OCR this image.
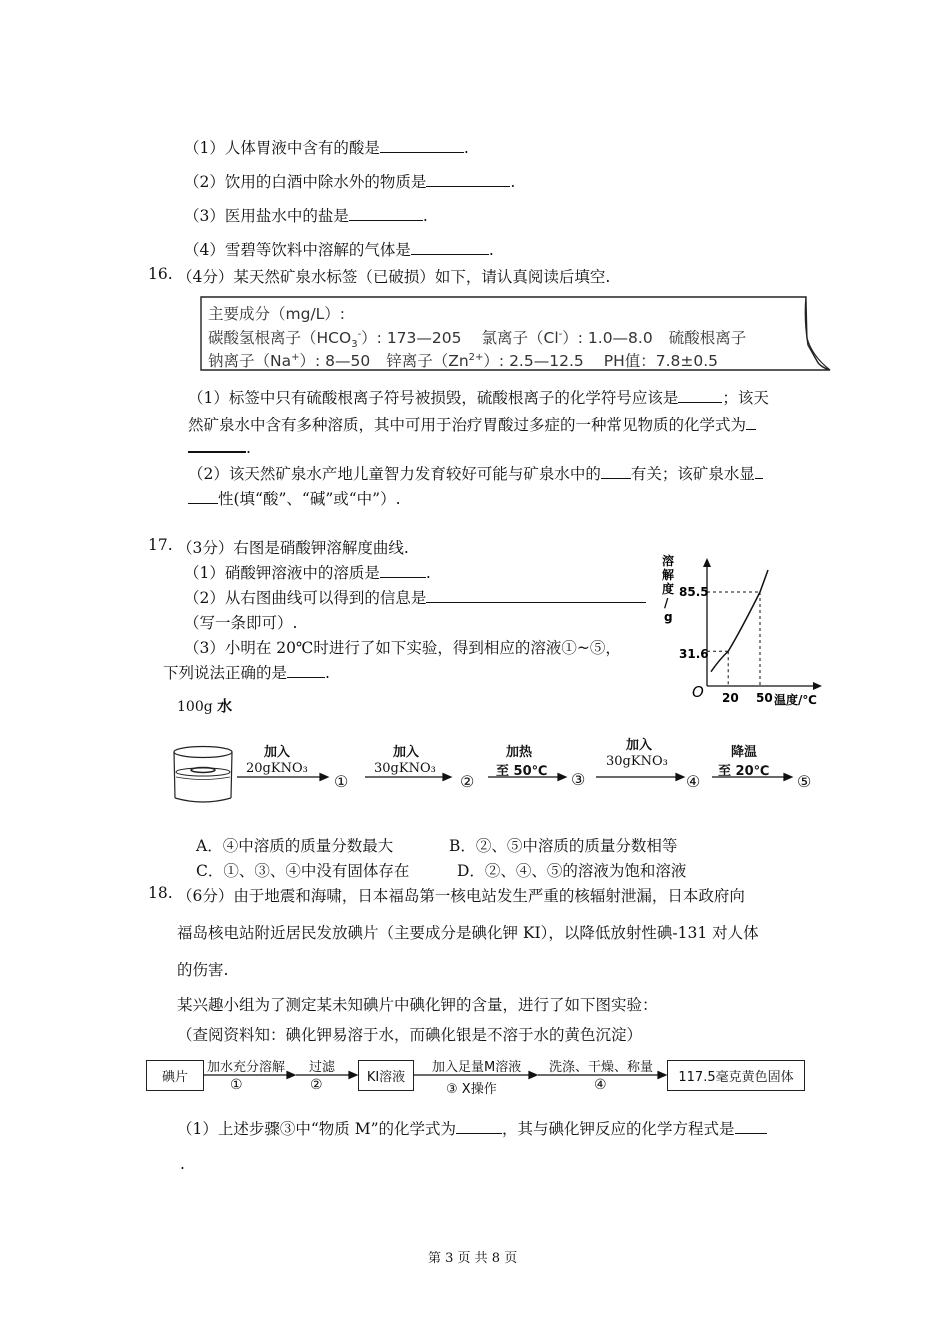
（1）人体胃液中含有的酸是	.
（2）饮用的白酒中除水外的物质是	.
（3）医用盐水中的盐是	.
（4）雪碧等饮料中溶解的气体是	.
16. （4分）某天然矿泉水标签（已破损）如下，请认真阅读后填空.
主要成分（mg/L）:
碳酸氢根离子$(HCO_3^-)$: 173—205 氯离子（Cl-）: 1.0—8.0 硫酸根离子
钠离子（Na+）: 8—50 锌离子$(Zn^{2+})$: 2.5—12.5 PH值：7.8±0.5
（1）标签中只有硫酸根离子符号被损毁，硫酸根离子的化学符号应该是	；该天
然矿泉水中含有多种溶质，其中可用于治疗胃酸过多症的一种常见物质的化学式为
.
（2）该天然矿泉水产地儿童智力发育较好可能与矿泉水中的 有关；该矿泉水显
性(填“酸”、“碱”或“中”）.
17. （3分）右图是硝酸钾溶解度曲线.
（1）硝酸钾溶液中的溶质是	.
（2）从右图曲线可以得到的信息是
（写一条即可）.
（3）小明在 20℃时进行了如下实验，得到相应的溶液①~⑤，
下列说法正确的是 .
溶解度/ g
O	温度/℃
85.5
31.6
20 50
100g 水
加入
20gKNO₃
①
加入
30gKNO₃
②
加热
至 50℃ ③
加入
30gKNO₃
④
降温
至 20℃
⑤
A．④中溶质的质量分数最大	B．②、⑤中溶质的质量分数相等
C．①、③、④中没有固体存在	D．②、④、⑤的溶液为饱和溶液
18. （6分）由于地震和海啸，日本福岛第一核电站发生严重的核辐射泄漏，日本政府向
福岛核电站附近居民发放碘片（主要成分是碘化钾 KI），以降低放射性碘-131 对人体
的伤害.
某兴趣小组为了测定某未知碘片中碘化钾的含量，进行了如下图实验：
（查阅资料知：碘化钾易溶于水，而碘化银是不溶于水的黄色沉淀）
碘片	KI溶液	117.5毫克黄色固体
加水充分溶解
①
过滤
②
加入足量M溶液
③ X操作
洗涤、干燥、称量
④
（1）上述步骤③中“物质 M”的化学式为	，其与碘化钾反应的化学方程式是
.
第 3 页 共 8 页
